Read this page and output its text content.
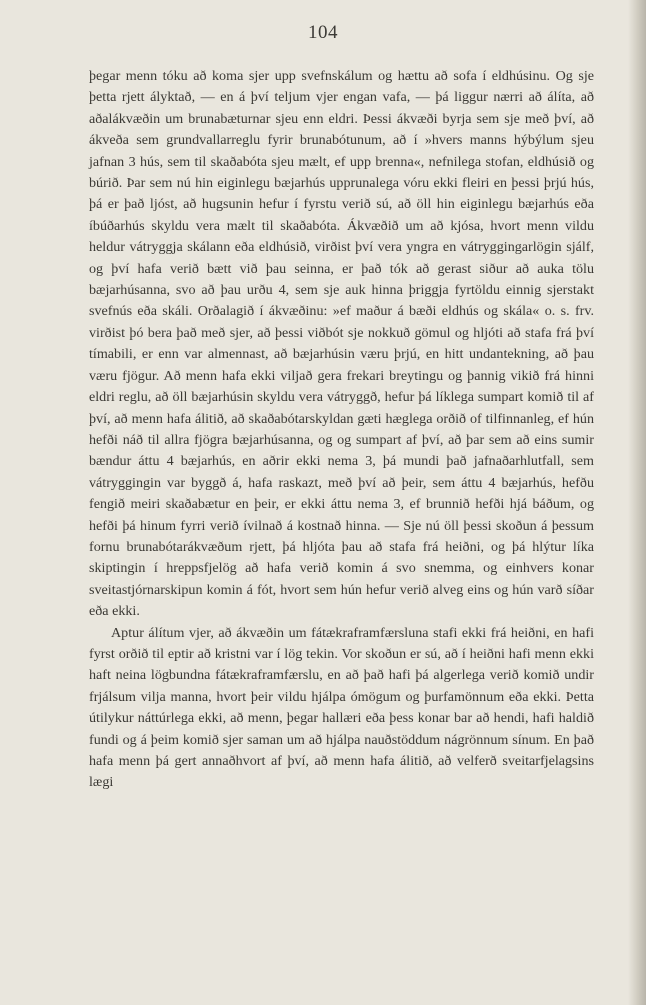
104

þegar menn tóku að koma sjer upp svefnskálum og hættu að sofa í eldhúsinu. Og sje þetta rjett ályktað, — en á því teljum vjer engan vafa, — þá liggur nærri að álíta, að aðalákvæðin um brunabæturnar sjeu enn eldri. Þessi ákvæði byrja sem sje með því, að ákveða sem grundvallarreglu fyrir brunabótunum, að í »hvers manns hýbýlum sjeu jafnan 3 hús, sem til skaðabóta sjeu mælt, ef upp brenna«, nefnilega stofan, eldhúsið og búrið. Þar sem nú hin eiginlegu bæjarhús upprunalega vóru ekki fleiri en þessi þrjú hús, þá er það ljóst, að hugsunin hefur í fyrstu verið sú, að öll hin eiginlegu bæjarhús eða íbúðarhús skyldu vera mælt til skaðabóta. Ákvæðið um að kjósa, hvort menn vildu heldur vátryggja skálann eða eldhúsið, virðist því vera yngra en vátryggingarlögin sjálf, og því hafa verið bætt við þau seinna, er það tók að gerast siður að auka tölu bæjarhúsanna, svo að þau urðu 4, sem sje auk hinna þriggja fyrtöldu einnig sjerstakt svefnús eða skáli. Orðalagið í ákvæðinu: »ef maður á bæði eldhús og skála« o. s. frv. virðist þó bera það með sjer, að þessi viðbót sje nokkuð gömul og hljóti að stafa frá því tímabili, er enn var almennast, að bæjarhúsin væru þrjú, en hitt undantekning, að þau væru fjögur. Að menn hafa ekki viljað gera frekari breytingu og þannig vikið frá hinni eldri reglu, að öll bæjarhúsin skyldu vera vátryggð, hefur þá líklega sumpart komið til af því, að menn hafa álitið, að skaðabótarskyldan gæti hæglega orðið of tilfinnanleg, ef hún hefði náð til allra fjögra bæjarhúsanna, og og sumpart af því, að þar sem að eins sumir bændur áttu 4 bæjarhús, en aðrir ekki nema 3, þá mundi það jafnaðarhlutfall, sem vátryggingin var byggð á, hafa raskazt, með því að þeir, sem áttu 4 bæjarhús, hefðu fengið meiri skaðabætur en þeir, er ekki áttu nema 3, ef brunnið hefði hjá báðum, og hefði þá hinum fyrri verið ívilnað á kostnað hinna. — Sje nú öll þessi skoðun á þessum fornu brunabótarákvæðum rjett, þá hljóta þau að stafa frá heiðni, og þá hlýtur líka skiptingin í hreppsfjelög að hafa verið komin á svo snemma, og einhvers konar sveitastjórnarskipun komin á fót, hvort sem hún hefur verið alveg eins og hún varð síðar eða ekki.

Aptur álítum vjer, að ákvæðin um fátækraframfærsluna stafi ekki frá heiðni, en hafi fyrst orðið til eptir að kristni var í lög tekin. Vor skoðun er sú, að í heiðni hafi menn ekki haft neina lögbundna fátækraframfærslu, en að það hafi þá algerlega verið komið undir frjálsum vilja manna, hvort þeir vildu hjálpa ómögum og þurfamönnum eða ekki. Þetta útilykur náttúrlega ekki, að menn, þegar hallæri eða þess konar bar að hendi, hafi haldið fundi og á þeim komið sjer saman um að hjálpa nauðstöddum nágrönnum sínum. En það hafa menn þá gert annaðhvort af því, að menn hafa álitið, að velferð sveitarfjelagsins lægi
